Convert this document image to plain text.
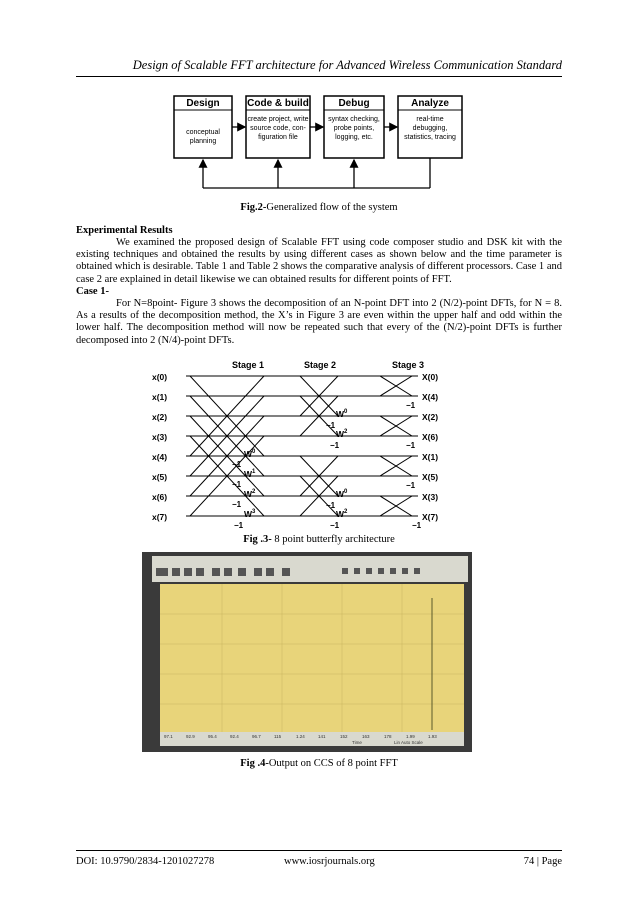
Design of Scalable FFT architecture for Advanced Wireless Communication Standard
Design
conceptual
planning
Code & build
create project, write
source code, con-
figuration file
Debug
syntax checking,
probe points,
logging, etc.
Analyze
real-time
debugging,
statistics, tracing
Fig.2-Generalized flow of the system
Experimental Results
We examined the proposed design of Scalable FFT using code composer studio and DSK kit with the existing techniques and obtained the results by using different cases as shown below and the time parameter is obtained which is desirable. Table 1 and Table 2 shows the comparative analysis of different processors. Case 1 and case 2 are explained in detail likewise we can obtained results for different points of FFT.
Case 1-
For N=8point- Figure 3 shows the decomposition of an N-point DFT into 2 (N/2)-point DFTs, for N = 8. As a results of the decomposition method, the X’s in Figure 3 are even within the upper half and odd within the lower half. The decomposition method will now be repeated such that every of the (N/2)-point DFTs is further decomposed into 2 (N/4)-point DFTs.
Stage 1	Stage 2	Stage 3
x(0)
x(1)
x(2)
x(3)
x(4)
x(5)
x(6)
x(7)
X(0)
X(4)
X(2)
X(6)
X(1)
X(5)
X(3)
X(7)
$W^0$
$W^1$
$W^2$
$W^3$
$W^0$
$W^2$
$W^0$
$W^2$
−1
−1
−1
−1
−1
−1
−1
−1
−1
−1
−1
−1
Fig .3- 8 point butterfly architecture
97.1	92.9	95.4	92.4	96.7	115	1.24	141	152	163	178	1.99	1.93
Time	Lin Auto Scale
Fig .4-Output on CCS of 8 point FFT
DOI: 10.9790/2834-1201027278	www.iosrjournals.org	74 | Page
